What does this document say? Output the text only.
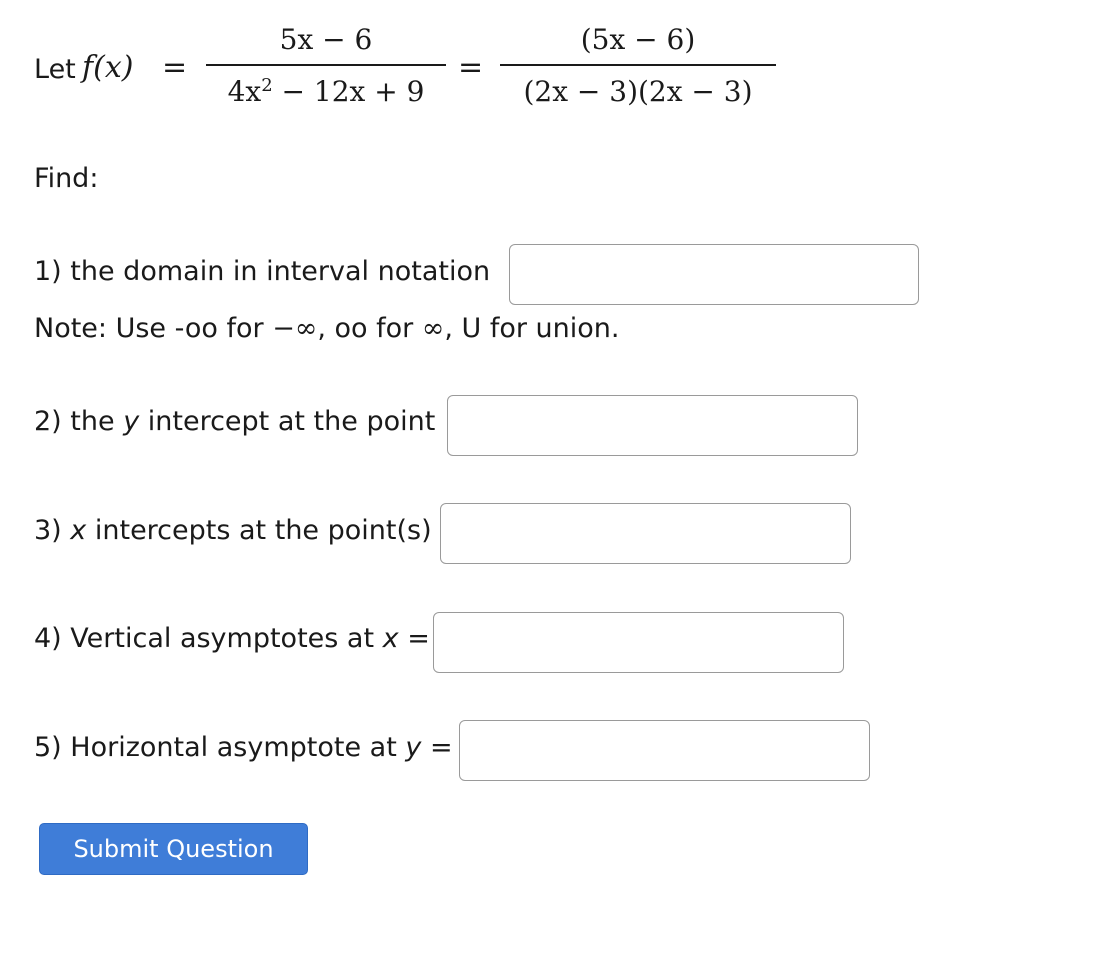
Let f(x) =
5x − 6
$4x^2 - 12x + 9$
=
(5x − 6)
(2x − 3)(2x − 3)
Find:
1) the domain in interval notation
Note: Use -oo for −∞, oo for ∞, U for union.
2) the y intercept at the point
3) x intercepts at the point(s)
4) Vertical asymptotes at x =
5) Horizontal asymptote at y =
Submit Question
